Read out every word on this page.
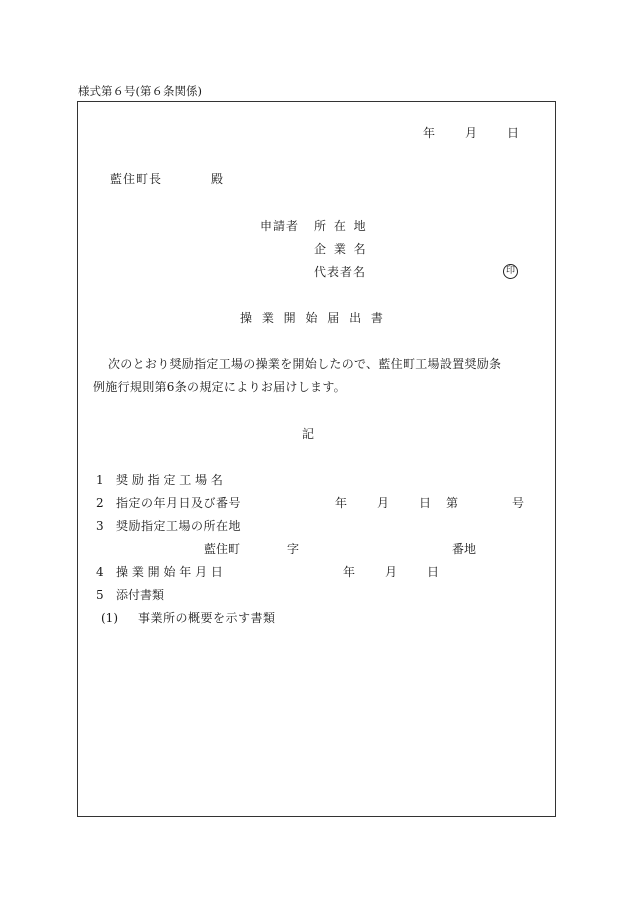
様式第６号(第６条関係)
年 月 日
藍住町長	殿
申請者 所 在 地
企 業 名
代表者名	印
操 業 開 始 届 出 書
次のとおり奨励指定工場の操業を開始したので、藍住町工場設置奨励条
例施行規則第6条の規定によりお届けします。
記
1 奨 励 指 定 工 場 名
2 指定の年月日及び番号	年 月 日 第	号
3 奨励指定工場の所在地
藍住町	字	番地
4 操 業 開 始 年 月 日	年 月 日
5 添付書類
(1) 事業所の概要を示す書類
